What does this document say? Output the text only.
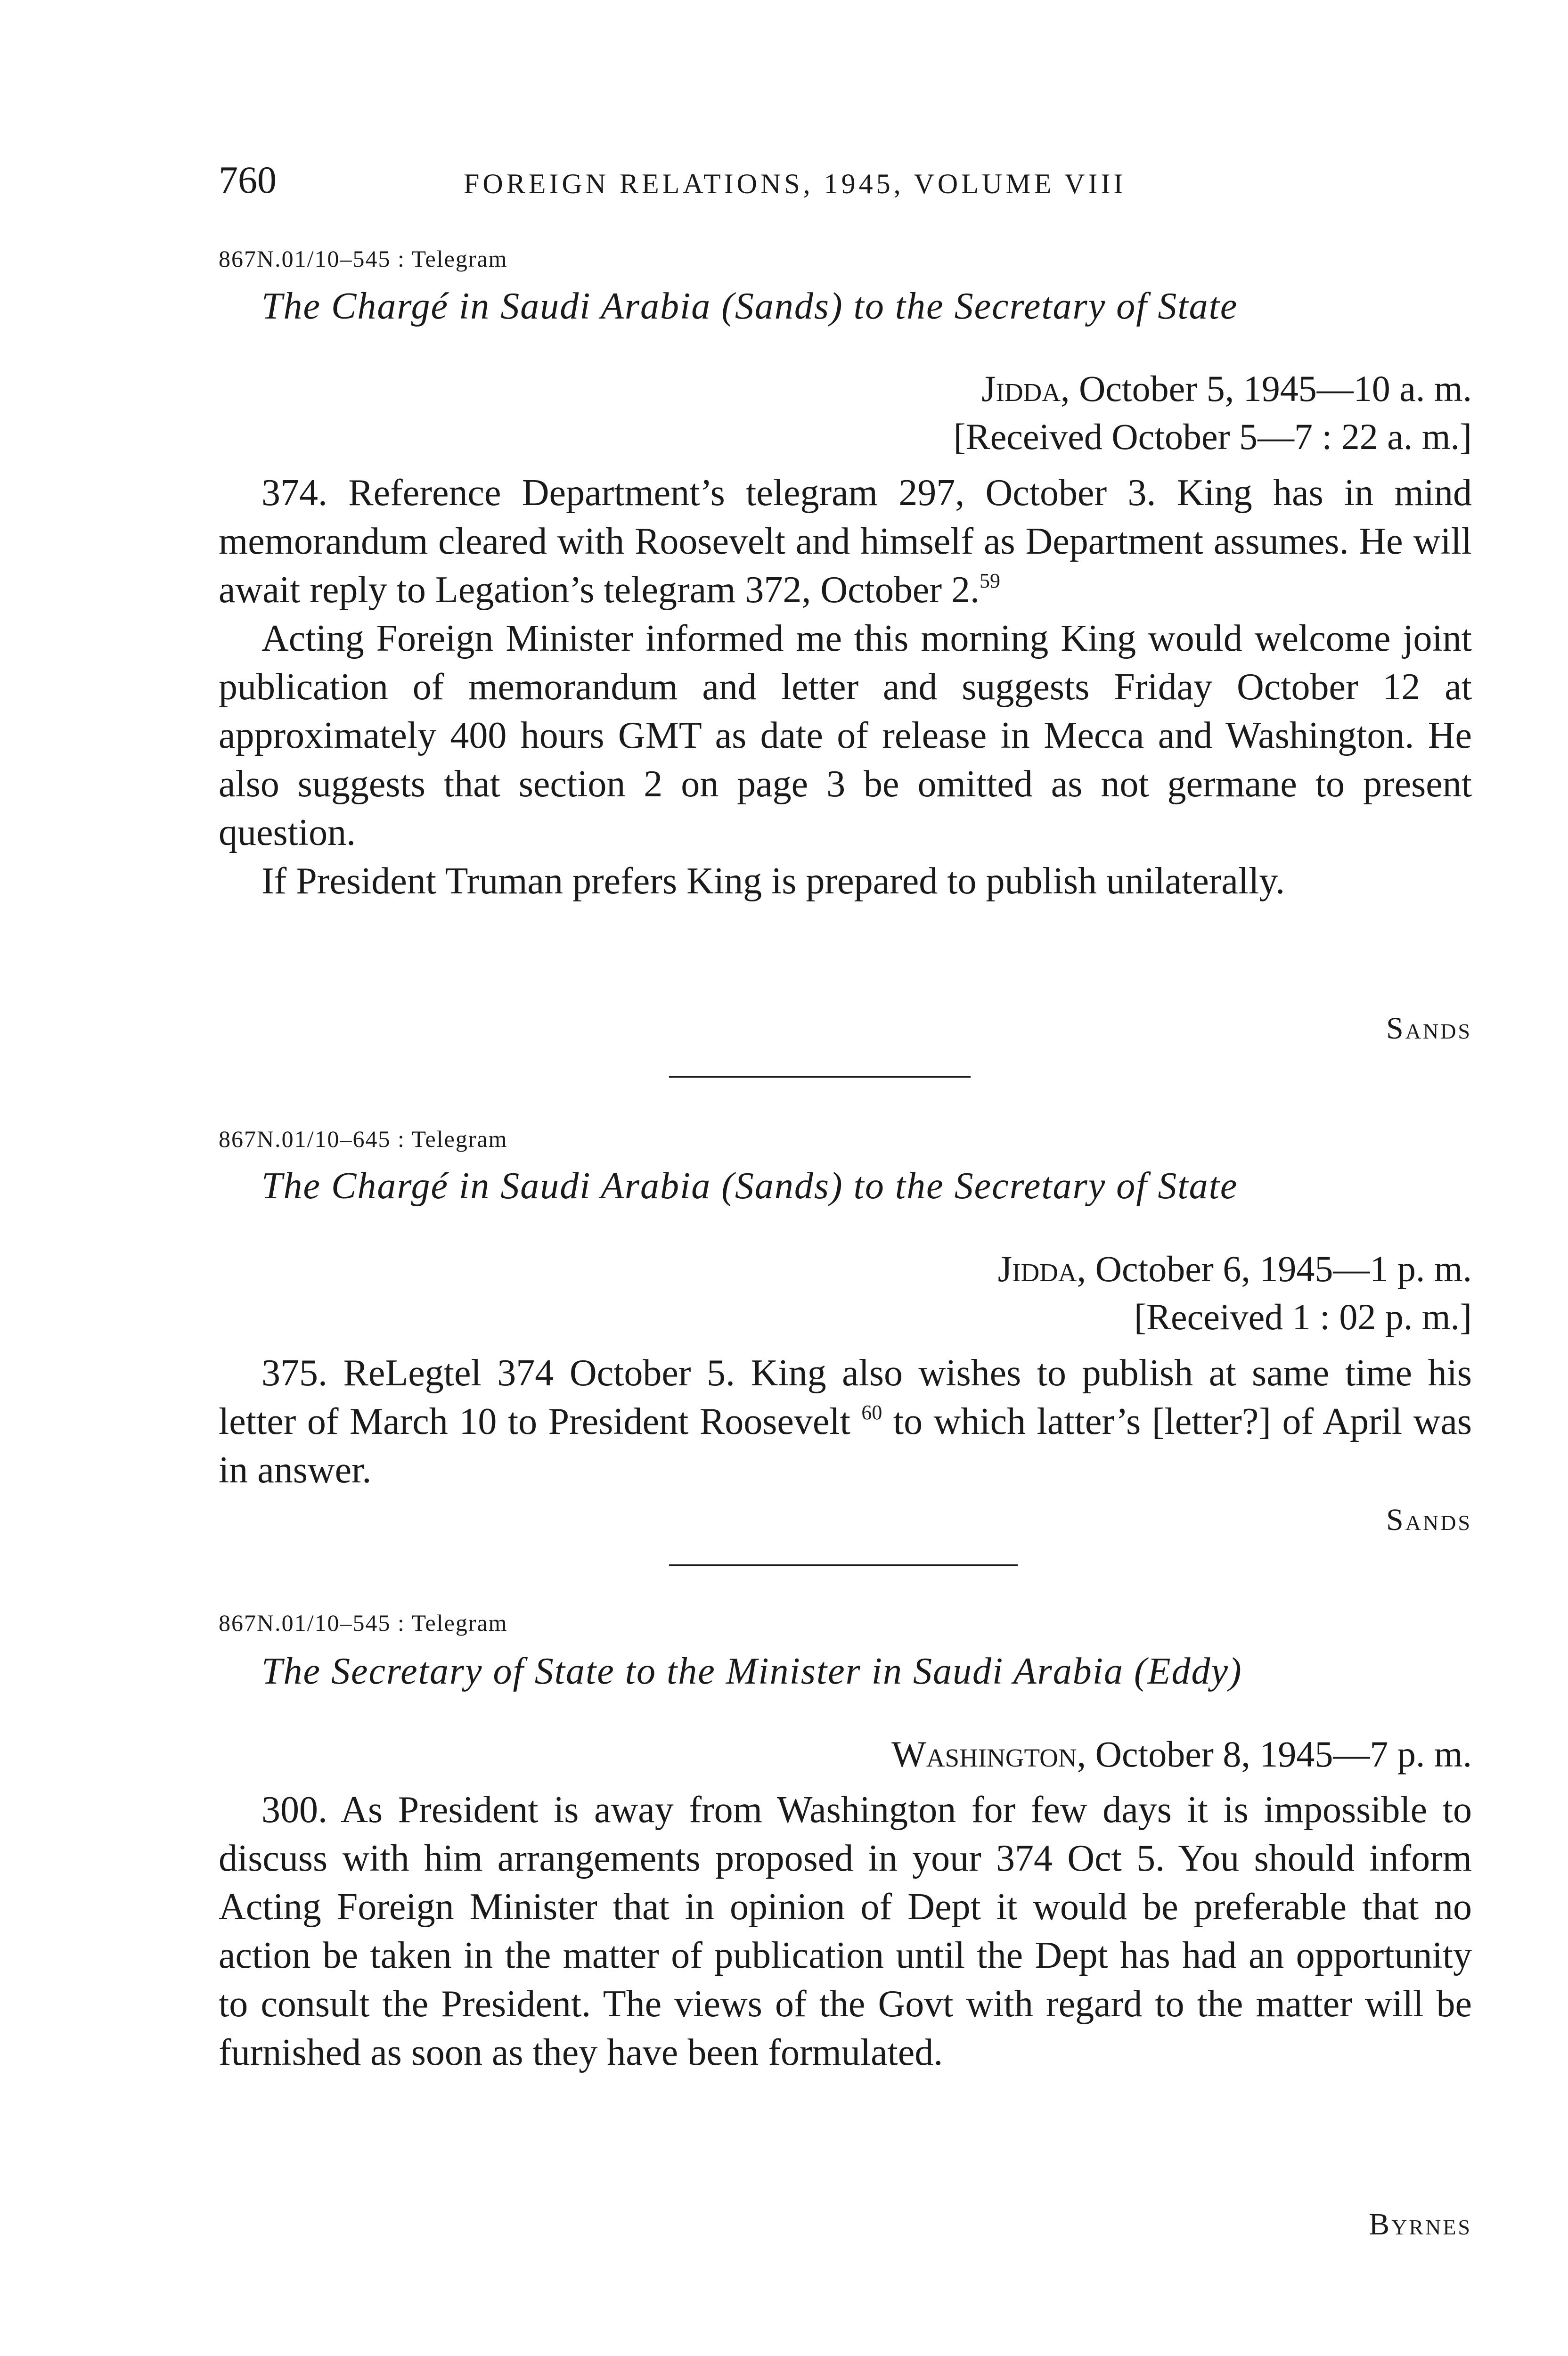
760	FOREIGN RELATIONS, 1945, VOLUME VIII
867N.01/10–545 : Telegram
The Chargé in Saudi Arabia (Sands) to the Secretary of State
Jidda, October 5, 1945—10 a. m.
[Received October 5—7 : 22 a. m.]

374. Reference Department’s telegram 297, October 3. King has in mind memorandum cleared with Roosevelt and himself as Department assumes. He will await reply to Legation’s telegram 372, October 2.59

Acting Foreign Minister informed me this morning King would welcome joint publication of memorandum and letter and suggests Friday October 12 at approximately 400 hours GMT as date of release in Mecca and Washington. He also suggests that section 2 on page 3 be omitted as not germane to present question.

If President Truman prefers King is prepared to publish unilaterally.

Sands
867N.01/10–645 : Telegram
The Chargé in Saudi Arabia (Sands) to the Secretary of State
Jidda, October 6, 1945—1 p. m.
[Received 1 : 02 p. m.]

375. ReLegtel 374 October 5. King also wishes to publish at same time his letter of March 10 to President Roosevelt $^{60}$ to which latter’s [letter?] of April was in answer.

Sands
867N.01/10–545 : Telegram
The Secretary of State to the Minister in Saudi Arabia (Eddy)
Washington, October 8, 1945—7 p. m.

300. As President is away from Washington for few days it is impossible to discuss with him arrangements proposed in your 374 Oct 5. You should inform Acting Foreign Minister that in opinion of Dept it would be preferable that no action be taken in the matter of publication until the Dept has had an opportunity to consult the President. The views of the Govt with regard to the matter will be furnished as soon as they have been formulated.

Byrnes
